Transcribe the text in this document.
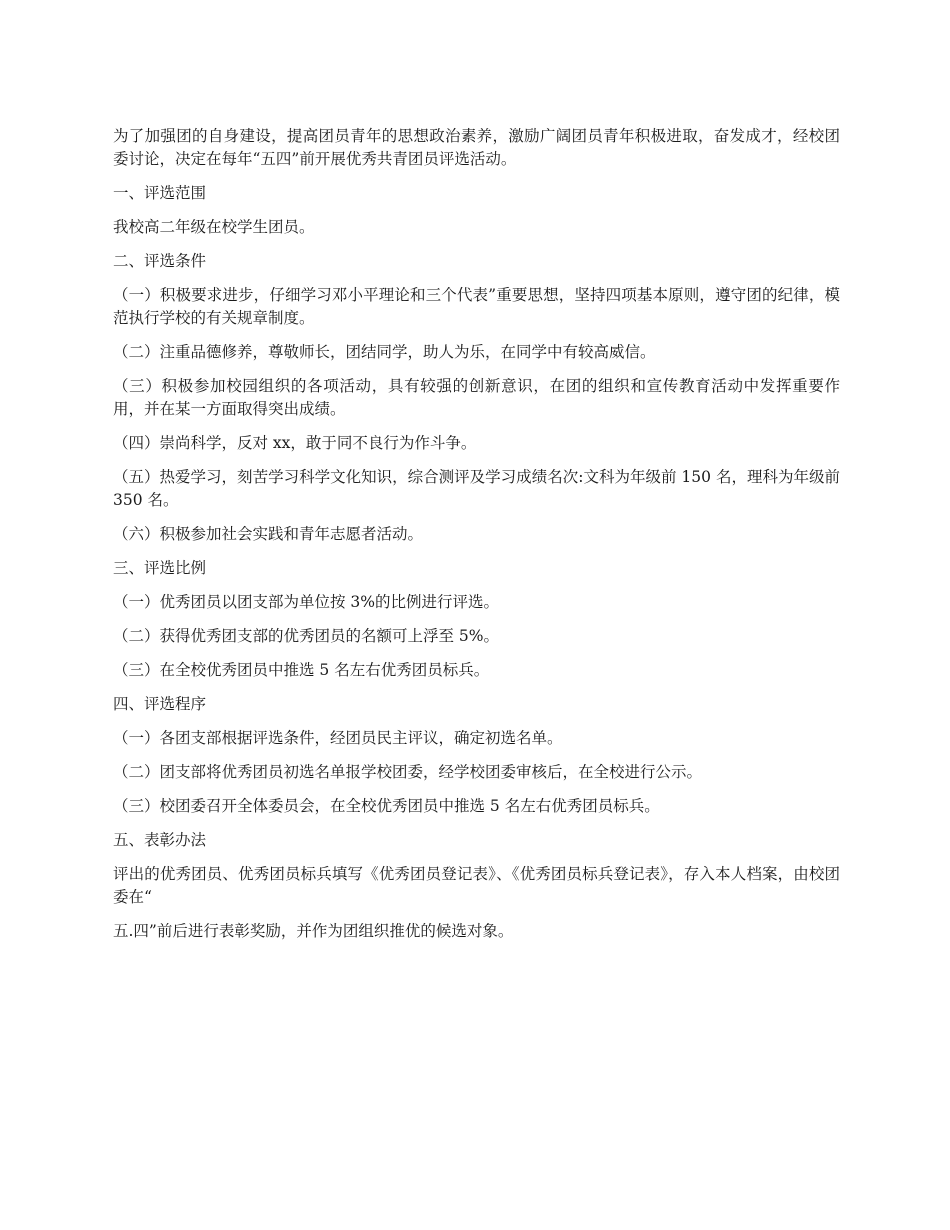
为了加强团的自身建设，提高团员青年的思想政治素养，激励广阔团员青年积极进取，奋发成才，经校团委讨论，决定在每年“五四”前开展优秀共青团员评选活动。

一、评选范围

我校高二年级在校学生团员。

二、评选条件

（一）积极要求进步，仔细学习邓小平理论和三个代表”重要思想，坚持四项基本原则，遵守团的纪律，模范执行学校的有关规章制度。

（二）注重品德修养，尊敬师长，团结同学，助人为乐，在同学中有较高威信。

（三）积极参加校园组织的各项活动，具有较强的创新意识，在团的组织和宣传教育活动中发挥重要作用，并在某一方面取得突出成绩。

（四）崇尚科学，反对 xx，敢于同不良行为作斗争。

（五）热爱学习，刻苦学习科学文化知识，综合测评及学习成绩名次:文科为年级前 150 名，理科为年级前 350 名。

（六）积极参加社会实践和青年志愿者活动。

三、评选比例

（一）优秀团员以团支部为单位按 3%的比例进行评选。

（二）获得优秀团支部的优秀团员的名额可上浮至 5%。

（三）在全校优秀团员中推选 5 名左右优秀团员标兵。

四、评选程序

（一）各团支部根据评选条件，经团员民主评议，确定初选名单。

（二）团支部将优秀团员初选名单报学校团委，经学校团委审核后，在全校进行公示。

（三）校团委召开全体委员会，在全校优秀团员中推选 5 名左右优秀团员标兵。

五、表彰办法

评出的优秀团员、优秀团员标兵填写《优秀团员登记表》、《优秀团员标兵登记表》，存入本人档案，由校团委在“

五.四”前后进行表彰奖励，并作为团组织推优的候选对象。
